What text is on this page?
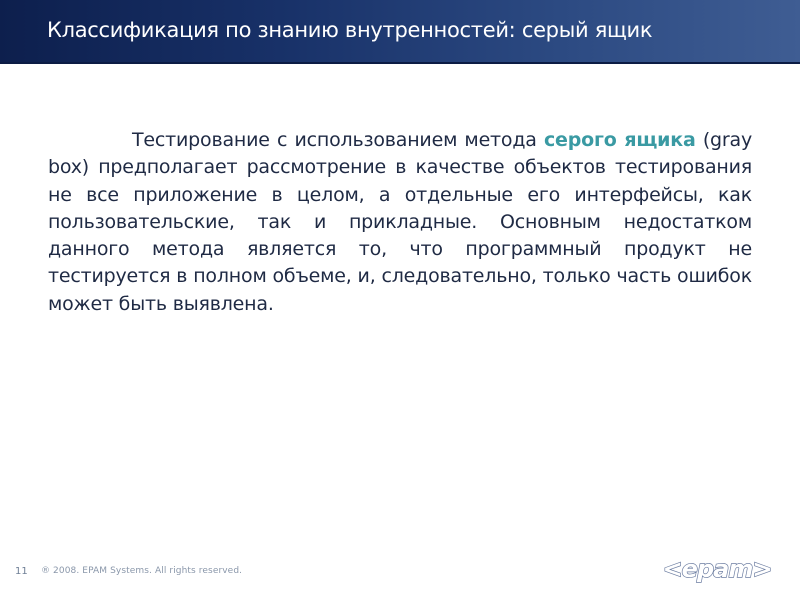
Классификация по знанию внутренностей: серый ящик
Тестирование с использованием метода серого ящика (gray box) предполагает рассмотрение в качестве объектов тестирования не все приложение в целом, а отдельные его интерфейсы, как пользовательские, так и прикладные. Основным недостатком данного метода является то, что программный продукт не тестируется в полном объеме, и, следовательно, только часть ошибок может быть выявлена.
11 ® 2008. EPAM Systems. All rights reserved.	<epam>
